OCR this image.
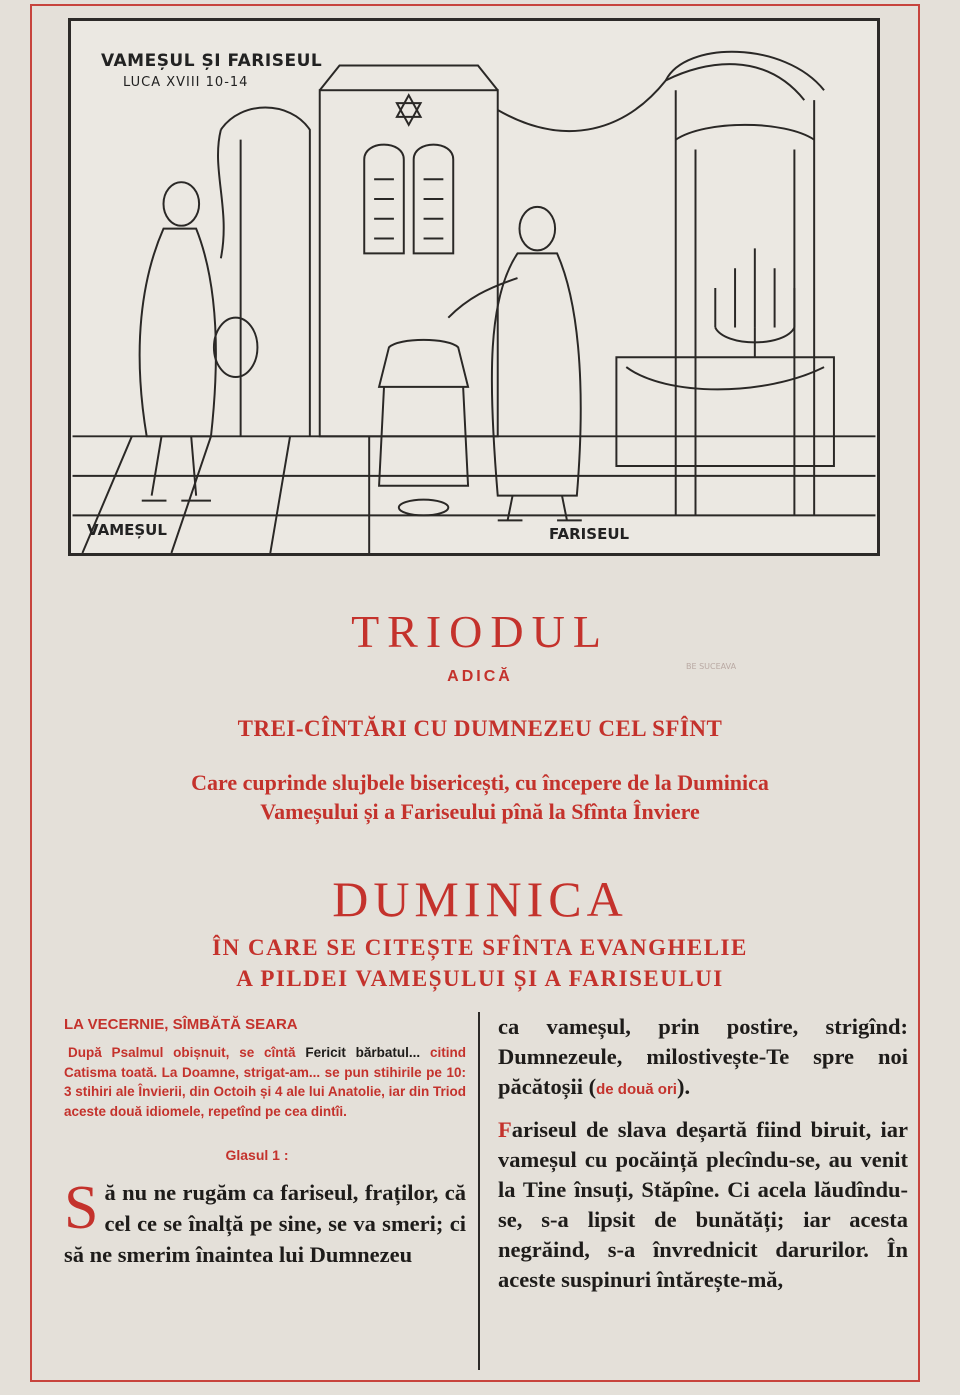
VAMEȘUL ȘI FARISEUL
LUCA XVIII 10-14
VAMEȘUL	FARISEUL
TRIODUL
ADICĂ
BE SUCEAVA
TREI-CÎNTĂRI CU DUMNEZEU CEL SFÎNT
Care cuprinde slujbele bisericești, cu începere de la Duminica
Vameșului și a Fariseului pînă la Sfînta Înviere
DUMINICA
ÎN CARE SE CITEȘTE SFÎNTA EVANGHELIE
A PILDEI VAMEȘULUI ȘI A FARISEULUI
LA VECERNIE, SÎMBĂTĂ SEARA

După Psalmul obișnuit, se cîntă Fericit bărbatul... citind Catisma toată. La Doamne, strigat-am... se pun stihirile pe 10: 3 stihiri ale Învierii, din Octoih și 4 ale lui Anatolie, iar din Triod aceste două idiomele, repetînd pe cea dintîi.

Glasul 1 :

Să nu ne rugăm ca fariseul, fraților, că cel ce se înalță pe sine, se va smeri; ci să ne smerim înaintea lui Dumnezeu

ca vameșul, prin postire, strigînd: Dumnezeule, milostivește-Te spre noi păcătoșii (de două ori).

Fariseul de slava deșartă fiind biruit, iar vameșul cu pocăință plecîndu-se, au venit la Tine însuți, Stăpîne. Ci acela lăudîndu-se, s-a lipsit de bunătăți; iar acesta negrăind, s-a învrednicit darurilor. În aceste suspinuri întărește-mă,
